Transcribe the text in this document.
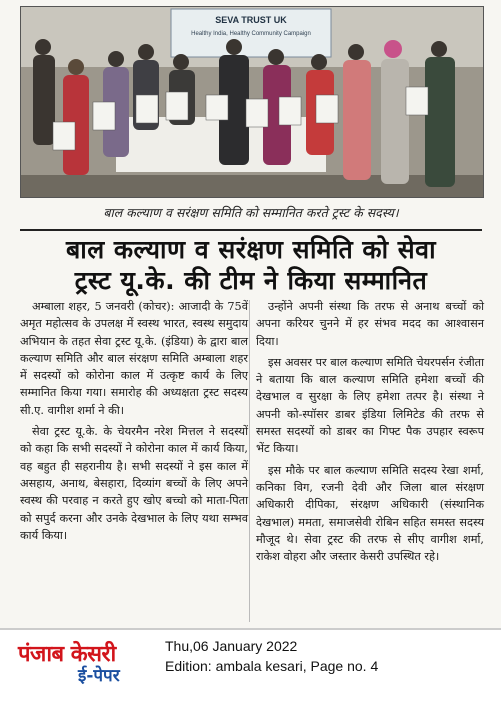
SEVA TRUST UK
Healthy India, Healthy Community Campaign
बाल कल्याण व सरंक्षण समिति को सम्मानित करते ट्रस्ट के सदस्य।
बाल कल्याण व सरंक्षण समिति को सेवा
ट्रस्ट यू.के. की टीम ने किया सम्मानित

अम्बाला शहर, 5 जनवरी (कोचर): आजादी के 75वें अमृत महोत्सव के उपलक्ष में स्वस्थ भारत, स्वस्थ समुदाय अभियान के तहत सेवा ट्रस्ट यू.के. (इंडिया) के द्वारा बाल कल्याण समिति और बाल संरक्षण समिति अम्बाला शहर में सदस्यों को कोरोना काल में उत्कृष्ट कार्य के लिए सम्मानित किया गया। समारोह की अध्यक्षता ट्रस्ट सदस्य सी.ए. वागीश शर्मा ने की।

सेवा ट्रस्ट यू.के. के चेयरमैन नरेश मित्तल ने सदस्यों को कहा कि सभी सदस्यों ने कोरोना काल में कार्य किया, वह बहुत ही सहरानीय है। सभी सदस्यों ने इस काल में असहाय, अनाथ, बेसहारा, दिव्यांग बच्चों के लिए अपने स्वस्थ की परवाह न करते हुए खोए बच्चो को माता-पिता को सपुर्द करना और उनके देखभाल के लिए यथा सम्भव कार्य किया।

उन्होंने अपनी संस्था कि तरफ से अनाथ बच्चों को अपना करियर चुनने में हर संभव मदद का आश्वासन दिया।

इस अवसर पर बाल कल्याण समिति चेयरपर्सन रंजीता ने बताया कि बाल कल्याण समिति हमेशा बच्चों की देखभाल व सुरक्षा के लिए हमेशा तत्पर है। संस्था ने अपनी को-स्पॉसर डाबर इंडिया लिमिटेड की तरफ से समस्त सदस्यों को डाबर का गिफ्ट पैक उपहार स्वरूप भेंट किया।

इस मौके पर बाल कल्याण समिति सदस्य रेखा शर्मा, कनिका विग, रजनी देवी और जिला बाल संरक्षण अधिकारी दीपिका, संरक्षण अधिकारी (संस्थानिक देखभाल) ममता, समाजसेवी रोबिन सहित समस्त सदस्य मौजूद थे। सेवा ट्रस्ट की तरफ से सीए वागीश शर्मा, राकेश वोहरा और जस्तार केसरी उपस्थित रहे।

पंजाब केसरी
ई-पेपर
Thu,06 January 2022
Edition: ambala kesari, Page no. 4
